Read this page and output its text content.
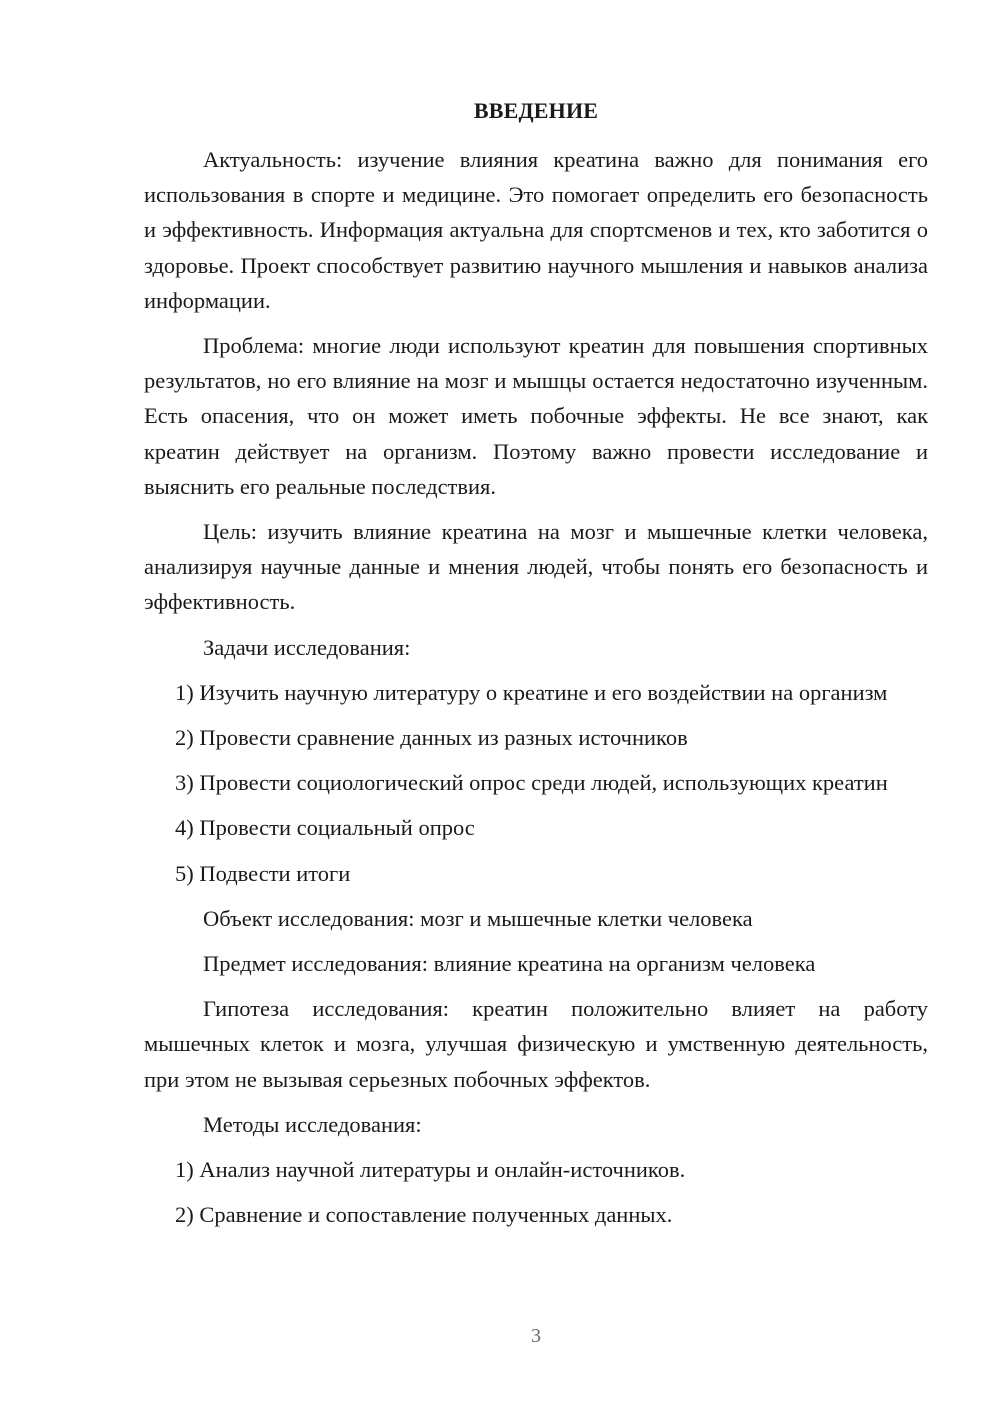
ВВЕДЕНИЕ

Актуальность: изучение влияния креатина важно для понимания его использования в спорте и медицине. Это помогает определить его безопасность и эффективность. Информация актуальна для спортсменов и тех, кто заботится о здоровье. Проект способствует развитию научного мышления и навыков анализа информации.

Проблема: многие люди используют креатин для повышения спортивных результатов, но его влияние на мозг и мышцы остается недостаточно изученным. Есть опасения, что он может иметь побочные эффекты. Не все знают, как креатин действует на организм. Поэтому важно провести исследование и выяснить его реальные последствия.

Цель: изучить влияние креатина на мозг и мышечные клетки человека, анализируя научные данные и мнения людей, чтобы понять его безопасность и эффективность.

Задачи исследования:

1) Изучить научную литературу о креатине и его воздействии на организм

2) Провести сравнение данных из разных источников

3) Провести социологический опрос среди людей, использующих креатин

4) Провести социальный опрос

5) Подвести итоги

Объект исследования: мозг и мышечные клетки человека

Предмет исследования: влияние креатина на организм человека

Гипотеза исследования: креатин положительно влияет на работу мышечных клеток и мозга, улучшая физическую и умственную деятельность, при этом не вызывая серьезных побочных эффектов.

Методы исследования:

1) Анализ научной литературы и онлайн-источников.

2) Сравнение и сопоставление полученных данных.

3
